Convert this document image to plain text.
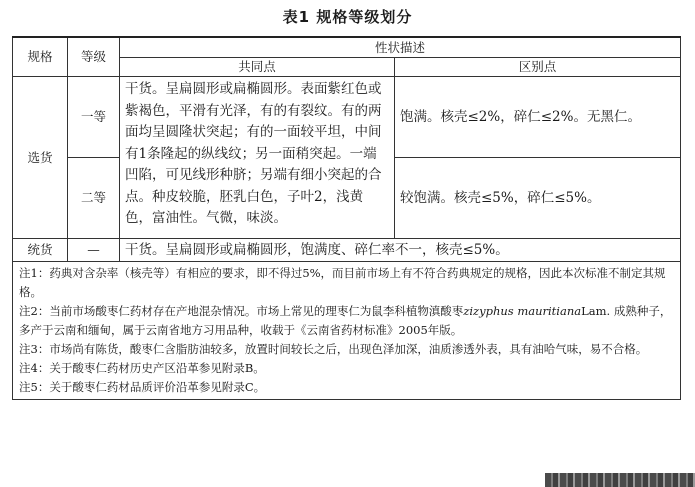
表1 规格等级划分
规格	等级	性状描述	
		共同点	区别点
选货	一等	干货。呈扁圆形或扁椭圆形。表面紫红色或紫褐色，平滑有光泽，有的有裂纹。有的两面均呈圆隆状突起；有的一面较平坦，中间有1条隆起的纵线纹；另一面稍突起。一端凹陷，可见线形种脐；另端有细小突起的合点。种皮较脆，胚乳白色，子叶2，浅黄色，富油性。气微，味淡。	饱满。核壳≤2%，碎仁≤2%。无黑仁。
	二等		较饱满。核壳≤5%，碎仁≤5%。
统货	—	干货。呈扁圆形或扁椭圆形，饱满度、碎仁率不一，核壳≤5%。	

注1：药典对含杂率（核壳等）有相应的要求，即不得过5%，而目前市场上有不符合药典规定的规格，因此本次标准不制定其规格。
注2：当前市场酸枣仁药材存在产地混杂情况。市场上常见的理枣仁为鼠李科植物滇酸枣zizyphus mauritianaLam. 成熟种子，多产于云南和缅甸，属于云南省地方习用品种，收载于《云南省药材标准》2005年版。
注3：市场尚有陈货，酸枣仁含脂肪油较多，放置时间较长之后，出现色泽加深，油质渗透外表，具有油哈气味，易不合格。
注4：关于酸枣仁药材历史产区沿革参见附录B。
注5：关于酸枣仁药材品质评价沿革参见附录C。			
